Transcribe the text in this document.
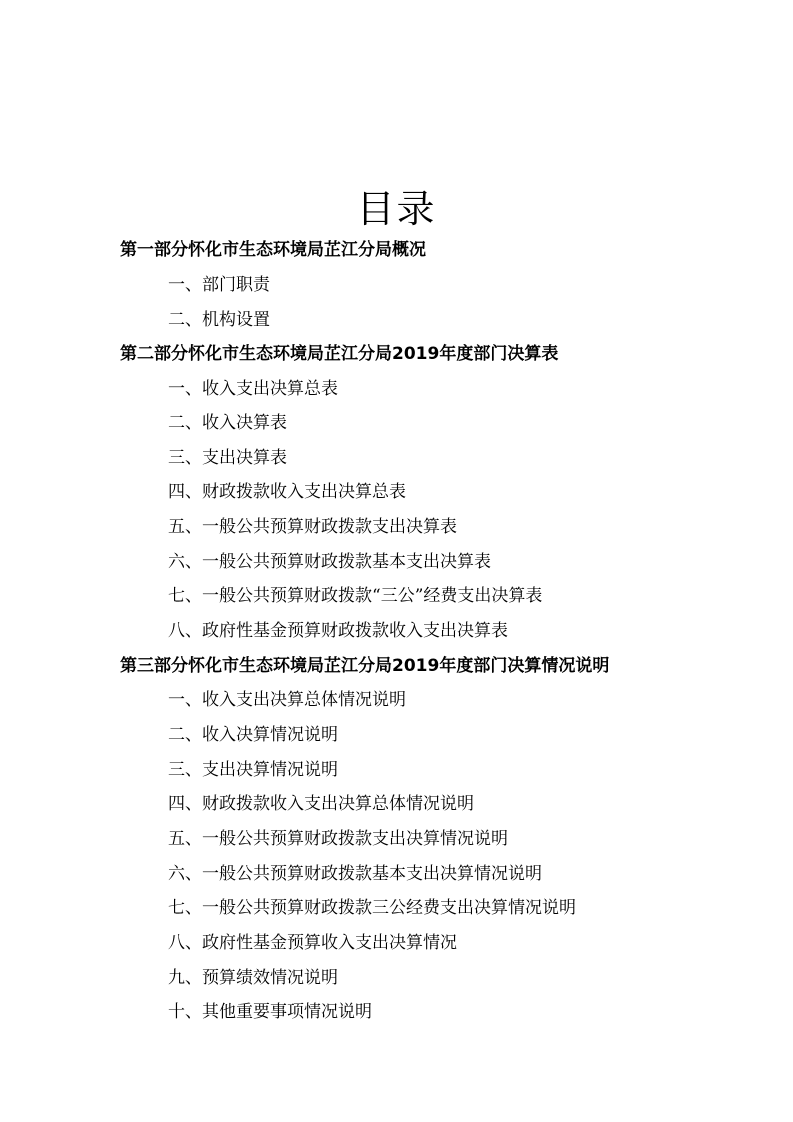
目录
第一部分怀化市生态环境局芷江分局概况
一、部门职责
二、机构设置
第二部分怀化市生态环境局芷江分局2019年度部门决算表
一、收入支出决算总表
二、收入决算表
三、支出决算表
四、财政拨款收入支出决算总表
五、一般公共预算财政拨款支出决算表
六、一般公共预算财政拨款基本支出决算表
七、一般公共预算财政拨款“三公”经费支出决算表
八、政府性基金预算财政拨款收入支出决算表
第三部分怀化市生态环境局芷江分局2019年度部门决算情况说明
一、收入支出决算总体情况说明
二、收入决算情况说明
三、支出决算情况说明
四、财政拨款收入支出决算总体情况说明
五、一般公共预算财政拨款支出决算情况说明
六、一般公共预算财政拨款基本支出决算情况说明
七、一般公共预算财政拨款三公经费支出决算情况说明
八、政府性基金预算收入支出决算情况
九、预算绩效情况说明
十、其他重要事项情况说明
